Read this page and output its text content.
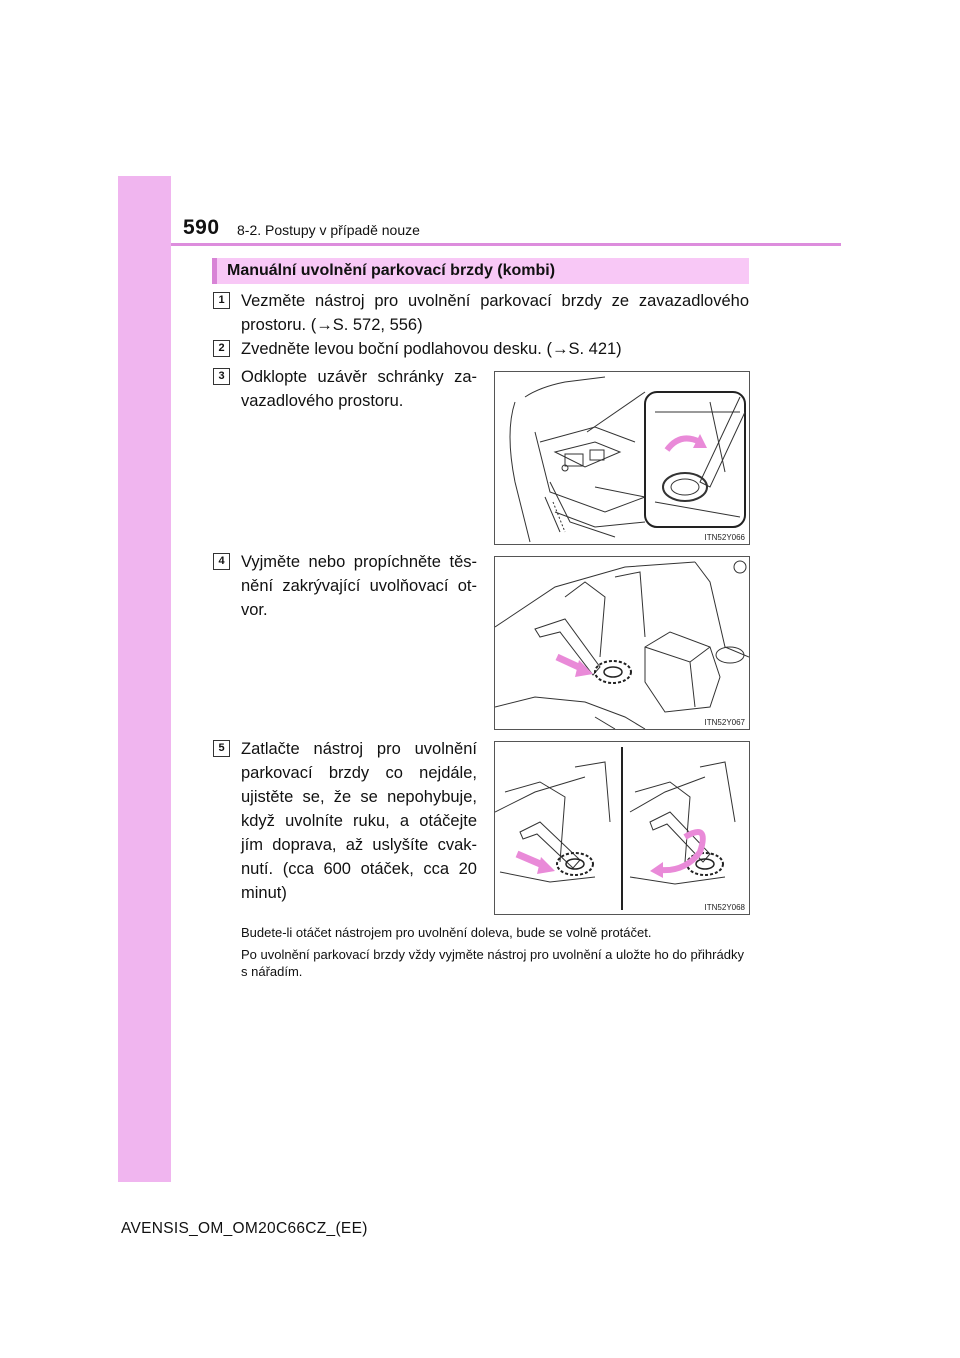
590 8-2. Postupy v případě nouze
Manuální uvolnění parkovací brzdy (kombi)
1 Vezměte nástroj pro uvolnění parkovací brzdy ze zavazadlového prostoru. (→S. 572, 556)
2 Zvedněte levou boční podlahovou desku. (→S. 421)
3 Odklopte uzávěr schránky za-vazadlového prostoru.
ITN52Y066
4 Vyjměte nebo propíchněte těs-nění zakrývající uvolňovací ot-vor.
ITN52Y067
5 Zatlačte nástroj pro uvolnění parkovací brzdy co nejdále, ujistěte se, že se nepohybuje, když uvolníte ruku, a otáčejte jím doprava, až uslyšíte cvak-nutí. (cca 600 otáček, cca 20 minut)
ITN52Y068
Budete-li otáčet nástrojem pro uvolnění doleva, bude se volně protáčet.
Po uvolnění parkovací brzdy vždy vyjměte nástroj pro uvolnění a uložte ho do přihrádky s nářadím.
AVENSIS_OM_OM20C66CZ_(EE)
